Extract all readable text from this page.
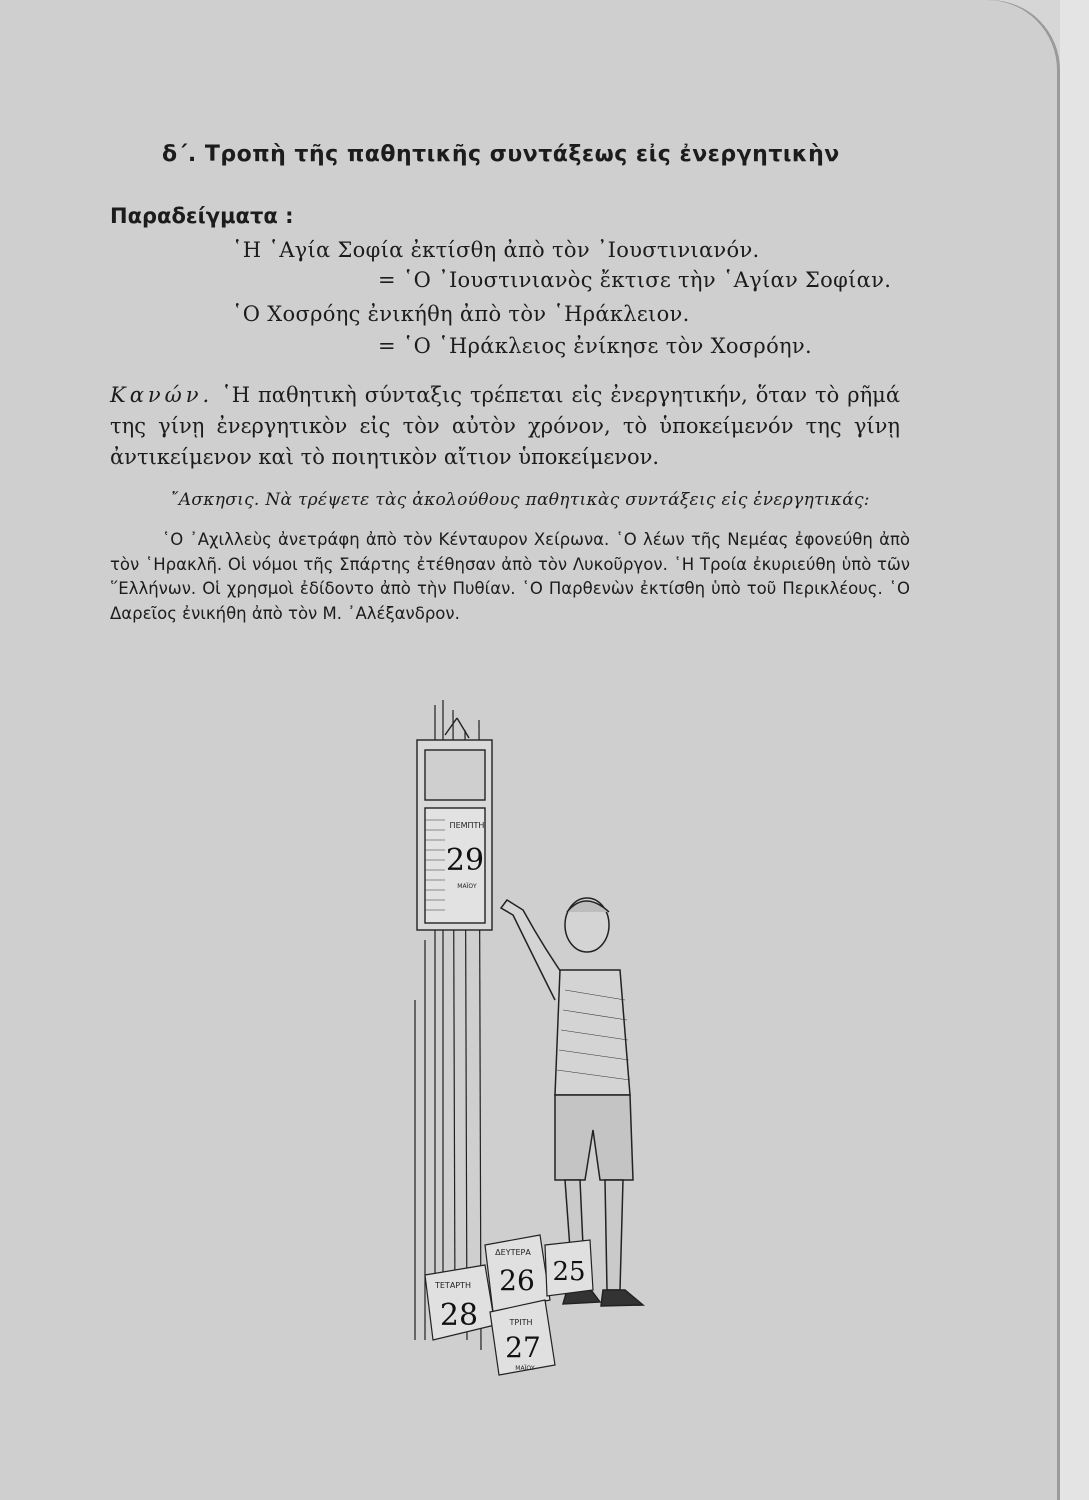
δ΄. Τροπὴ τῆς παθητικῆς συντάξεως εἰς ἐνεργητικὴν
Παραδείγματα :
῾Η ῾Αγία Σοφία ἐκτίσθη ἀπὸ τὸν ᾿Ιουστινιανόν.
= ῾Ο ᾿Ιουστινιανὸς ἔκτισε τὴν ῾Αγίαν Σοφίαν.
῾Ο Χοσρόης ἐνικήθη ἀπὸ τὸν ῾Ηράκλειον.
= ῾Ο ῾Ηράκλειος ἐνίκησε τὸν Χοσρόην.
Κανών. ῾Η παθητικὴ σύνταξις τρέπεται εἰς ἐνεργητικήν, ὅταν τὸ ρῆμά της γίνῃ ἐνεργητικὸν εἰς τὸν αὐτὸν χρόνον, τὸ ὑποκείμενόν της γίνῃ ἀντικείμενον καὶ τὸ ποιητικὸν αἴτιον ὑποκείμενον.
῎Ασκησις. Νὰ τρέψετε τὰς ἀκολούθους παθητικὰς συντάξεις εἰς ἐνεργητικάς:
῾Ο ᾿Αχιλλεὺς ἀνετράφη ἀπὸ τὸν Κένταυρον Χείρωνα. ῾Ο λέων τῆς Νεμέας ἐφονεύθη ἀπὸ τὸν ῾Ηρακλῆ. Οἱ νόμοι τῆς Σπάρτης ἐτέθησαν ἀπὸ τὸν Λυκοῦργον. ῾Η Τροία ἐκυριεύθη ὑπὸ τῶν ῞Ελλήνων. Οἱ χρησμοὶ ἐδίδοντο ἀπὸ τὴν Πυθίαν. ῾Ο Παρθενὼν ἐκτίσθη ὑπὸ τοῦ Περικλέους. ῾Ο Δαρεῖος ἐνικήθη ἀπὸ τὸν Μ. ᾿Αλέξανδρον.
ΠΕΜΠΤΗ
29
ΜΑΪΟΥ
ΔΕΥΤΕΡΑ
26
ΤΕΤΑΡΤΗ
28	ΤΡΙΤΗ
27
ΜΑΪΟΥ
25
